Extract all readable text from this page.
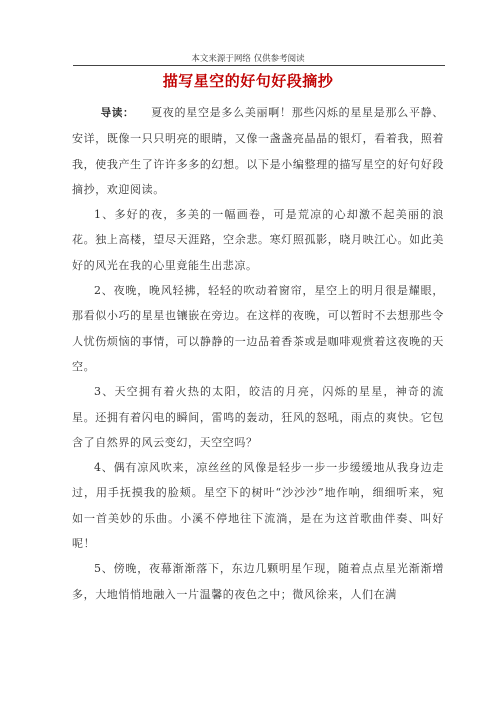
本文来源于网络 仅供参考阅读
描写星空的好句好段摘抄

导读： 夏夜的星空是多么美丽啊！那些闪烁的星星是那么平静、安详，既像一只只明亮的眼睛，又像一盏盏亮晶晶的银灯，看着我，照着我，使我产生了许许多多的幻想。以下是小编整理的描写星空的好句好段摘抄，欢迎阅读。

1、多好的夜，多美的一幅画卷，可是荒凉的心却激不起美丽的浪花。独上高楼，望尽天涯路，空余悲。寒灯照孤影，晓月映江心。如此美好的风光在我的心里竟能生出悲凉。

2、夜晚，晚风轻拂，轻轻的吹动着窗帘，星空上的明月很是耀眼，那看似小巧的星星也镶嵌在旁边。在这样的夜晚，可以暂时不去想那些令人忧伤烦恼的事情，可以静静的一边品着香茶或是咖啡观赏着这夜晚的天空。

3、天空拥有着火热的太阳，皎洁的月亮，闪烁的星星，神奇的流星。还拥有着闪电的瞬间，雷鸣的轰动，狂风的怒吼，雨点的爽快。它包含了自然界的风云变幻，天空空吗？

4、偶有凉风吹来，凉丝丝的风像是轻步一步一步缓缓地从我身边走过，用手抚摸我的脸颊。星空下的树叶“沙沙沙”地作响，细细听来，宛如一首美妙的乐曲。小溪不停地往下流淌，是在为这首歌曲伴奏、叫好呢！

5、傍晚，夜幕渐渐落下，东边几颗明星乍现，随着点点星光渐渐增多，大地悄悄地融入一片温馨的夜色之中；微风徐来，人们在满
